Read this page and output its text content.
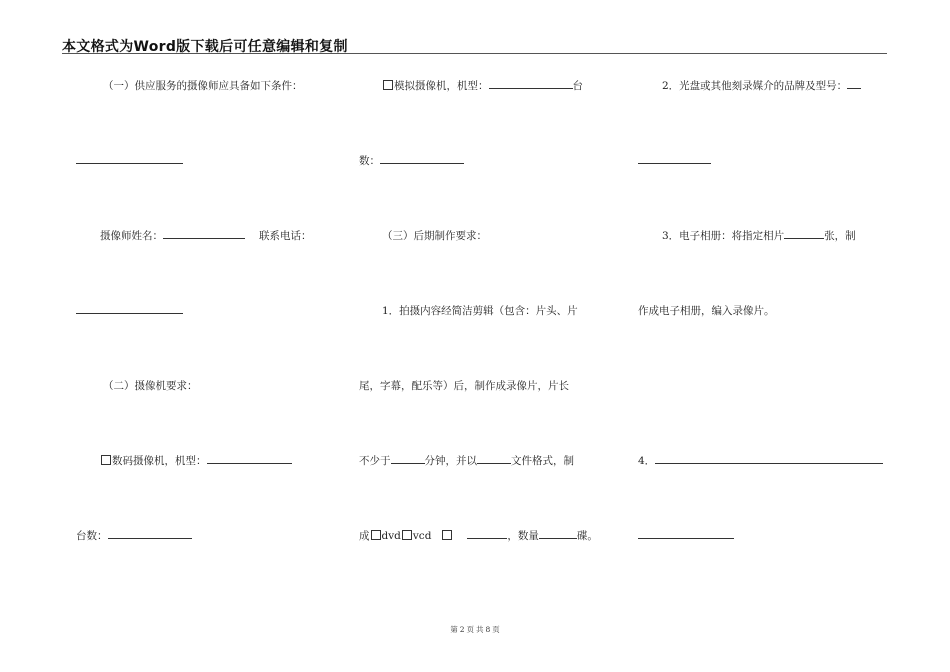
本文格式为Word版下载后可任意编辑和复制
（一）供应服务的摄像师应具备如下条件：
摄像师姓名：	联系电话：
（二）摄像机要求：
数码摄像机，机型：
台数：
模拟摄像机，机型：	台
数：
（三）后期制作要求：
1．拍摄内容经简洁剪辑（包含：片头、片
尾，字幕，配乐等）后，制作成录像片，片长
不少于	分钟，并以	文件格式，制
成 dvd vcd	，数量	碟。
2．光盘或其他刻录媒介的品牌及型号：
3．电子相册：将指定相片	张，制
作成电子相册，编入录像片。
4．
第 2 页 共 8 页
